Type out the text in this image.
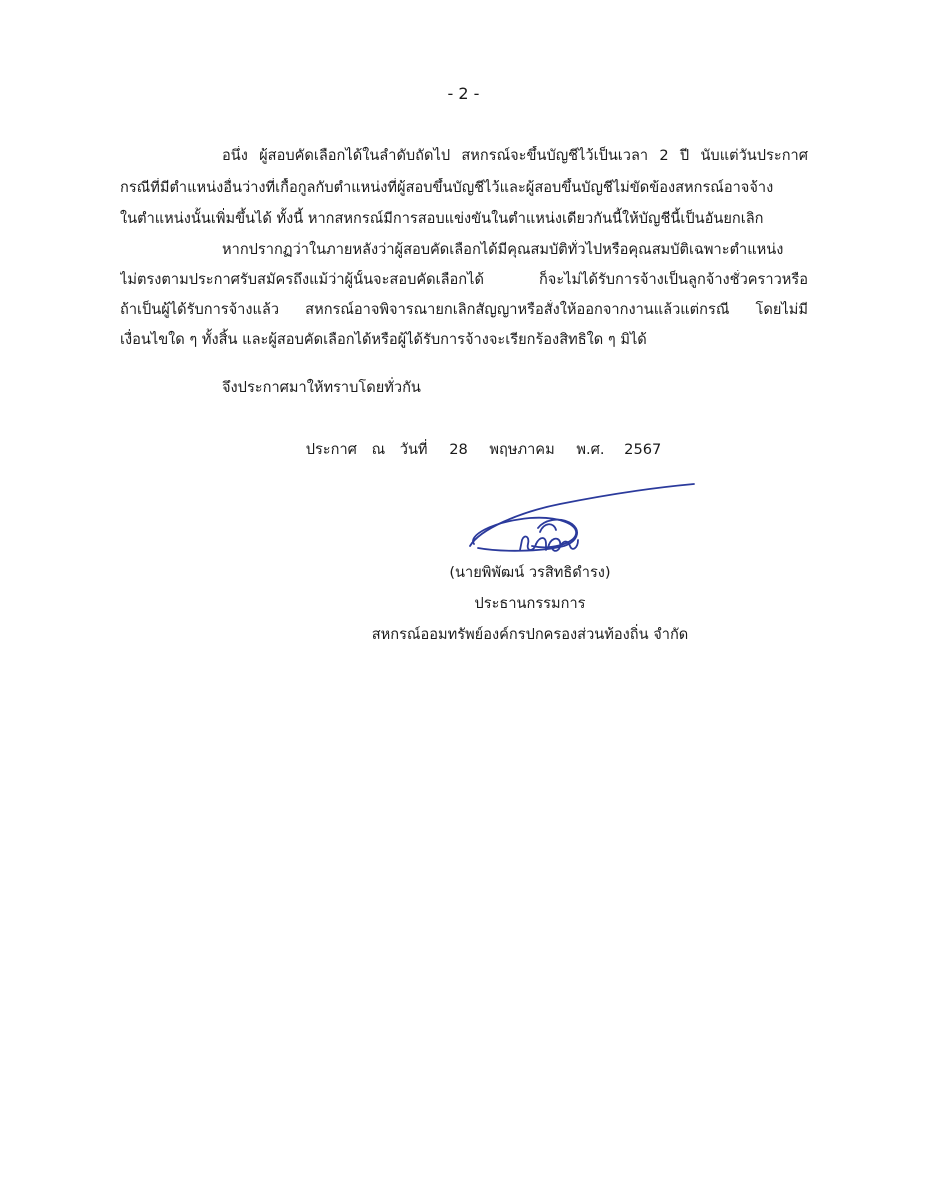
- 2 -
อนึ่ง ผู้สอบคัดเลือกได้ในลำดับถัดไป สหกรณ์จะขึ้นบัญชีไว้เป็นเวลา 2 ปี นับแต่วันประกาศ
กรณีที่มีตำแหน่งอื่นว่างที่เกื้อกูลกับตำแหน่งที่ผู้สอบขึ้นบัญชีไว้และผู้สอบขึ้นบัญชีไม่ขัดข้องสหกรณ์อาจจ้าง
ในตำแหน่งนั้นเพิ่มขึ้นได้ ทั้งนี้ หากสหกรณ์มีการสอบแข่งขันในตำแหน่งเดียวกันนี้ให้บัญชีนี้เป็นอันยกเลิก
หากปรากฏว่าในภายหลังว่าผู้สอบคัดเลือกได้มีคุณสมบัติทั่วไปหรือคุณสมบัติเฉพาะตำแหน่ง
ไม่ตรงตามประกาศรับสมัครถึงแม้ว่าผู้นั้นจะสอบคัดเลือกได้ ก็จะไม่ได้รับการจ้างเป็นลูกจ้างชั่วคราวหรือ
ถ้าเป็นผู้ได้รับการจ้างแล้ว สหกรณ์อาจพิจารณายกเลิกสัญญาหรือสั่งให้ออกจากงานแล้วแต่กรณี โดยไม่มี
เงื่อนไขใด ๆ ทั้งสิ้น และผู้สอบคัดเลือกได้หรือผู้ได้รับการจ้างจะเรียกร้องสิทธิใด ๆ มิได้
จึงประกาศมาให้ทราบโดยทั่วกัน
ประกาศ ณ วันที่ 28 พฤษภาคม พ.ศ. 2567
(นายพิพัฒน์ วรสิทธิดำรง)
ประธานกรรมการ
สหกรณ์ออมทรัพย์องค์กรปกครองส่วนท้องถิ่น จำกัด
